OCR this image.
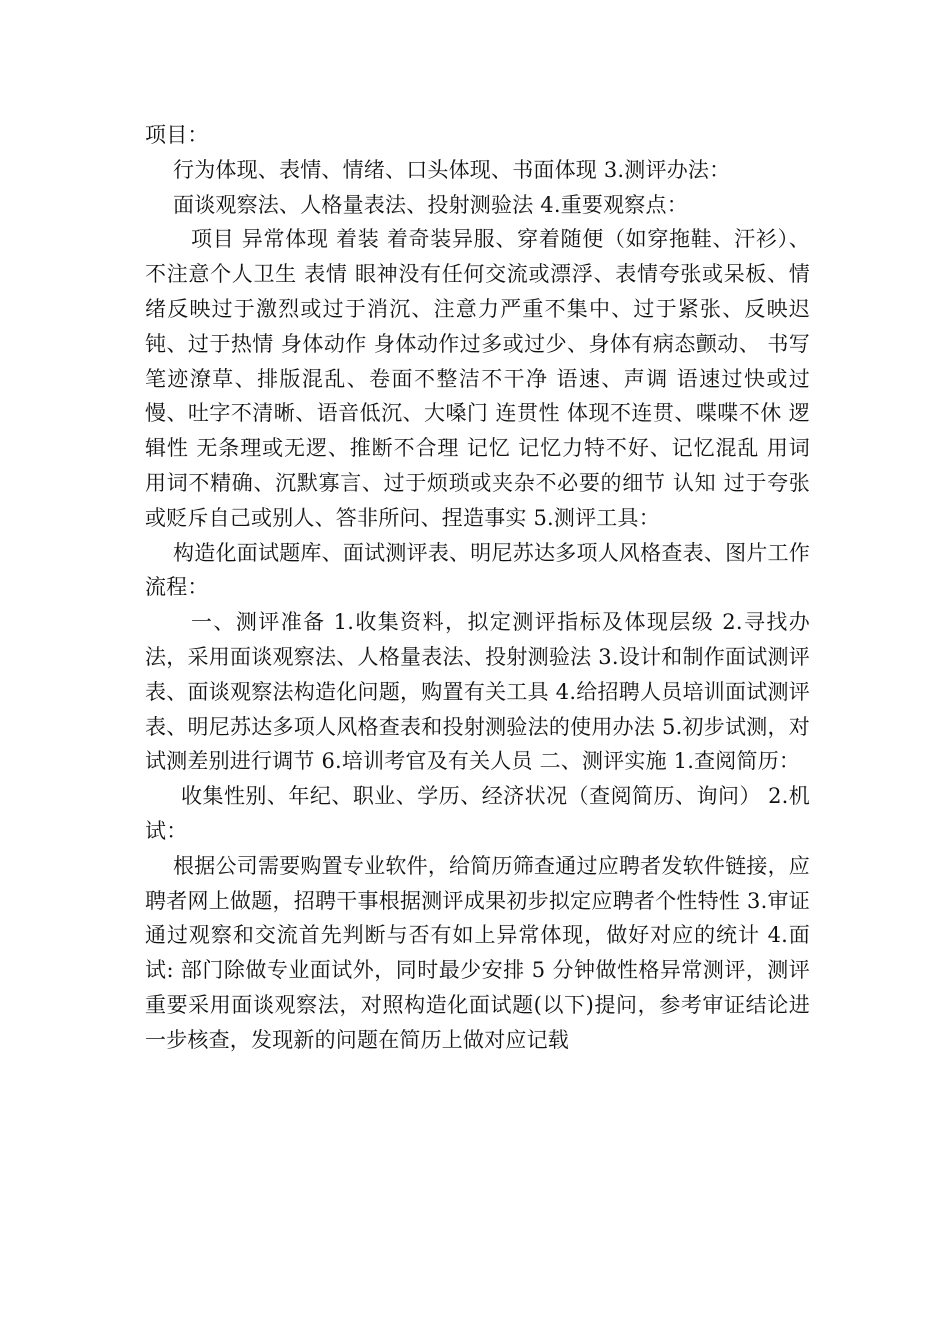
项目：

行为体现、表情、情绪、口头体现、书面体现 3.测评办法：

面谈观察法、人格量表法、投射测验法 4.重要观察点：

项目 异常体现 着装 着奇装异服、穿着随便（如穿拖鞋、汗衫）、不注意个人卫生 表情 眼神没有任何交流或漂浮、表情夸张或呆板、情绪反映过于激烈或过于消沉、注意力严重不集中、过于紧张、反映迟钝、过于热情 身体动作 身体动作过多或过少、身体有病态颤动、 书写 笔迹潦草、排版混乱、卷面不整洁不干净 语速、声调 语速过快或过慢、吐字不清晰、语音低沉、大嗓门 连贯性 体现不连贯、喋喋不休 逻辑性 无条理或无逻、推断不合理 记忆 记忆力特不好、记忆混乱 用词 用词不精确、沉默寡言、过于烦琐或夹杂不必要的细节 认知 过于夸张或贬斥自己或别人、答非所问、捏造事实 5.测评工具：

构造化面试题库、面试测评表、明尼苏达多项人风格查表、图片工作流程：

一、测评准备 1.收集资料，拟定测评指标及体现层级 2.寻找办法，采用面谈观察法、人格量表法、投射测验法 3.设计和制作面试测评表、面谈观察法构造化问题，购置有关工具 4.给招聘人员培训面试测评表、明尼苏达多项人风格查表和投射测验法的使用办法 5.初步试测，对试测差别进行调节 6.培训考官及有关人员 二、测评实施 1.查阅简历：

收集性别、年纪、职业、学历、经济状况（查阅简历、询问） 2.机试：

根据公司需要购置专业软件，给简历筛查通过应聘者发软件链接，应聘者网上做题，招聘干事根据测评成果初步拟定应聘者个性特性 3.审证通过观察和交流首先判断与否有如上异常体现，做好对应的统计 4.面试: 部门除做专业面试外，同时最少安排 5 分钟做性格异常测评，测评重要采用面谈观察法，对照构造化面试题(以下)提问，参考审证结论进一步核查，发现新的问题在简历上做对应记载
